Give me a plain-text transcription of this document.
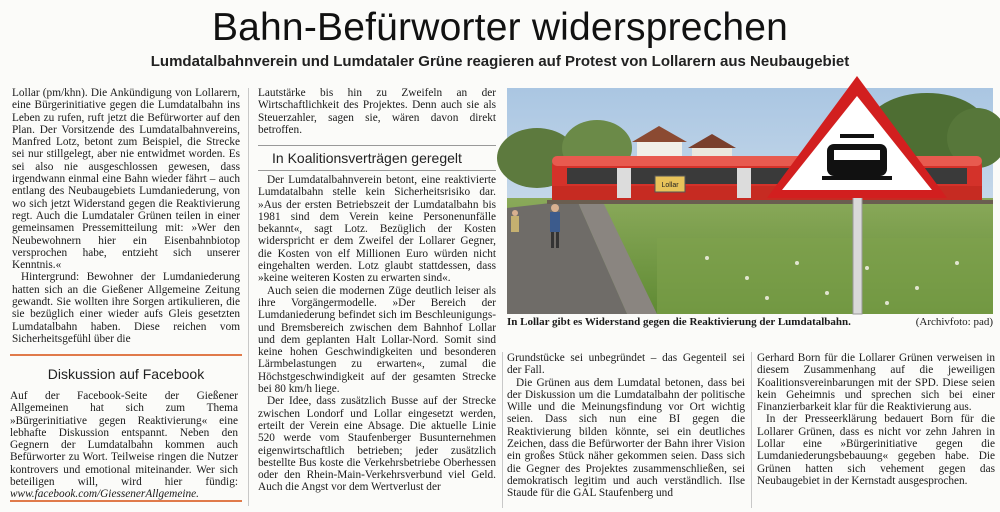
Bahn-Befürworter widersprechen
Lumdatalbahnverein und Lumdataler Grüne reagieren auf Protest von Lollarern aus Neubaugebiet

Lollar (pm/khn). Die Ankündigung von Lollarern, eine Bürgerinitiative gegen die Lumdatalbahn ins Leben zu rufen, ruft jetzt die Befürworter auf den Plan. Der Vorsitzende des Lumdatalbahnvereins, Manfred Lotz, betont zum Beispiel, die Strecke sei nur stillgelegt, aber nie entwidmet worden. Es sei also nie ausgeschlossen gewesen, dass irgendwann einmal eine Bahn wieder fährt – auch entlang des Neubaugebiets Lumdaniederung, von wo sich jetzt Widerstand gegen die Reaktivierung regt. Auch die Lumdataler Grünen teilen in einer gemeinsamen Pressemitteilung mit: »Wer den Neubewohnern hier ein Eisenbahnbiotop versprochen habe, entzieht sich unserer Kenntnis.«

Hintergrund: Bewohner der Lumdaniederung hatten sich an die Gießener Allgemeine Zeitung gewandt. Sie wollten ihre Sorgen artikulieren, die sie bezüglich einer wieder aufs Gleis gesetzten Lumdatalbahn haben. Diese reichen vom Sicherheitsgefühl über die

Diskussion auf Facebook
Auf der Facebook-Seite der Gießener Allgemeinen hat sich zum Thema »Bürgerinitiative gegen Reaktivierung« eine lebhafte Diskussion entspannt. Neben den Gegnern der Lumdatalbahn kommen auch Befürworter zu Wort. Teilweise ringen die Nutzer kontrovers und emotional miteinander. Wer sich beteiligen will, wird hier fündig: www.facebook.com/GiessenerAllgemeine.

Lautstärke bis hin zu Zweifeln an der Wirtschaftlichkeit des Projektes. Denn auch sie als Steuerzahler, sagen sie, wären davon direkt betroffen.

In Koalitionsverträgen geregelt

Der Lumdatalbahnverein betont, eine reaktivierte Lumdatalbahn stelle kein Sicherheitsrisiko dar. »Aus der ersten Betriebszeit der Lumdatalbahn bis 1981 sind dem Verein keine Personenunfälle bekannt«, sagt Lotz. Bezüglich der Kosten widerspricht er dem Zweifel der Lollarer Gegner, die Kosten von elf Millionen Euro würden nicht eingehalten werden. Lotz glaubt stattdessen, dass »keine weiteren Kosten zu erwarten sind«.

Auch seien die modernen Züge deutlich leiser als ihre Vorgängermodelle. »Der Bereich der Lumdaniederung befindet sich im Beschleunigungs- und Bremsbereich zwischen dem Bahnhof Lollar und dem geplanten Halt Lollar-Nord. Somit sind keine hohen Geschwindigkeiten und besonderen Lärmbelastungen zu erwarten«, zumal die Höchstgeschwindigkeit auf der gesamten Strecke bei 80 km/h liege.

Der Idee, dass zusätzlich Busse auf der Strecke zwischen Londorf und Lollar eingesetzt werden, erteilt der Verein eine Absage. Die aktuelle Linie 520 werde vom Staufenberger Busunternehmen eigenwirtschaftlich betrieben; jeder zusätzlich bestellte Bus koste die Verkehrsbetriebe Oberhessen oder den Rhein-Main-Verkehrsverbund viel Geld. Auch die Angst vor dem Wertverlust der

Lollar
In Lollar gibt es Widerstand gegen die Reaktivierung der Lumdatalbahn.	(Archivfoto: pad)

Grundstücke sei unbegründet – das Gegenteil sei der Fall.

Die Grünen aus dem Lumdatal betonen, dass bei der Diskussion um die Lumdatalbahn der politische Wille und die Meinungsfindung vor Ort wichtig seien. Dass sich nun eine BI gegen die Reaktivierung bilden könnte, sei ein deutliches Zeichen, dass die Befürworter der Bahn ihrer Vision ein großes Stück näher gekommen seien. Dass sich die Gegner des Projektes zusammenschließen, sei demokratisch legitim und auch verständlich. Ilse Staude für die GAL Staufenberg und

Gerhard Born für die Lollarer Grünen verweisen in diesem Zusammenhang auf die jeweiligen Koalitionsvereinbarungen mit der SPD. Diese seien kein Geheimnis und sprechen sich bei einer Finanzierbarkeit klar für die Reaktivierung aus.

In der Presseerklärung bedauert Born für die Lollarer Grünen, dass es nicht vor zehn Jahren in Lollar eine »Bürgerinitiative gegen die Lumdaniederungsbebauung« gegeben habe. Die Grünen hatten sich vehement gegen das Neubaugebiet in der Kernstadt ausgesprochen.
